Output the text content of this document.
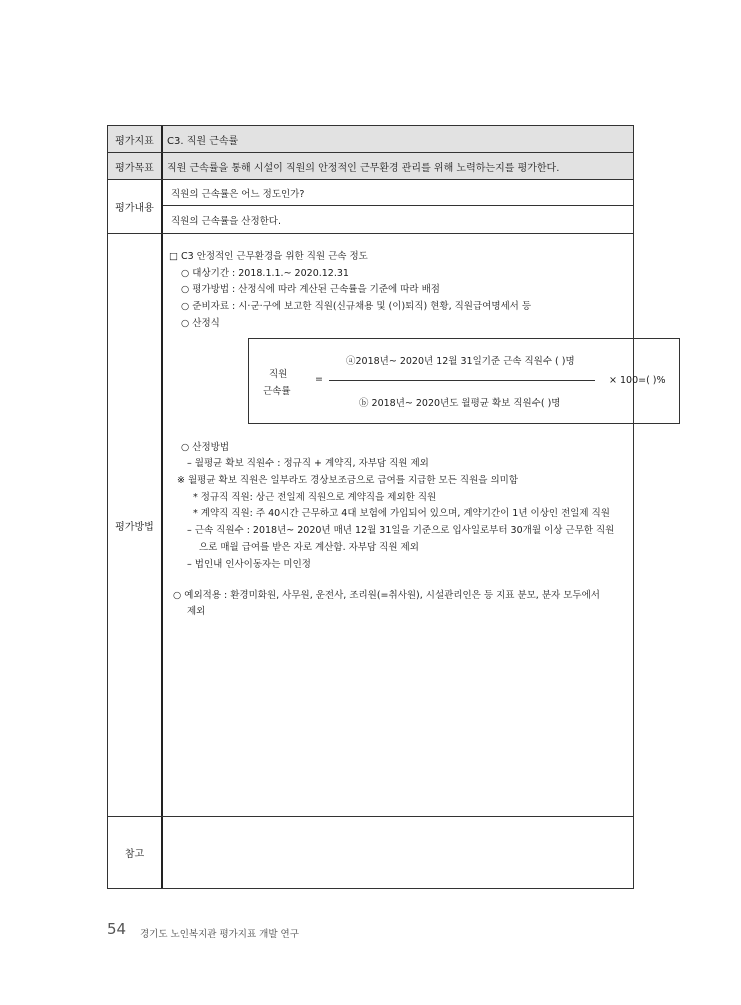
평가지표	C3. 직원 근속률
평가목표	직원 근속률을 통해 시설이 직원의 안정적인 근무환경 관리를 위해 노력하는지를 평가한다.
평가내용
직원의 근속률은 어느 정도인가?
직원의 근속률을 산정한다.
평가방법
□ C3 안정적인 근무환경을 위한 직원 근속 정도
○ 대상기간 : 2018.1.1.~ 2020.12.31
○ 평가방법 : 산정식에 따라 계산된 근속률을 기준에 따라 배점
○ 준비자료 : 시·군·구에 보고한 직원(신규채용 및 (이)퇴직) 현황, 직원급여명세서 등
○ 산정식
직원
근속률
=
ⓐ2018년~ 2020년 12월 31일기준 근속 직원수 ( )명
ⓑ 2018년~ 2020년도 월평균 확보 직원수( )명
× 100=( )%
○ 산정방법
– 월평균 확보 직원수 : 정규직 + 계약직, 자부담 직원 제외
※ 월평균 확보 직원은 일부라도 경상보조금으로 급여를 지급한 모든 직원을 의미함
* 정규직 직원: 상근 전일제 직원으로 계약직을 제외한 직원
* 계약직 직원: 주 40시간 근무하고 4대 보험에 가입되어 있으며, 계약기간이 1년 이상인 전일제 직원
– 근속 직원수 : 2018년~ 2020년 매년 12월 31일을 기준으로 입사일로부터 30개월 이상 근무한 직원
으로 매월 급여를 받은 자로 계산함. 자부담 직원 제외
– 법인내 인사이동자는 미인정
○ 예외적용 : 환경미화원, 사무원, 운전사, 조리원(=취사원), 시설관리인은 등 지표 분모, 분자 모두에서
제외
참고
54 경기도 노인복지관 평가지표 개발 연구
